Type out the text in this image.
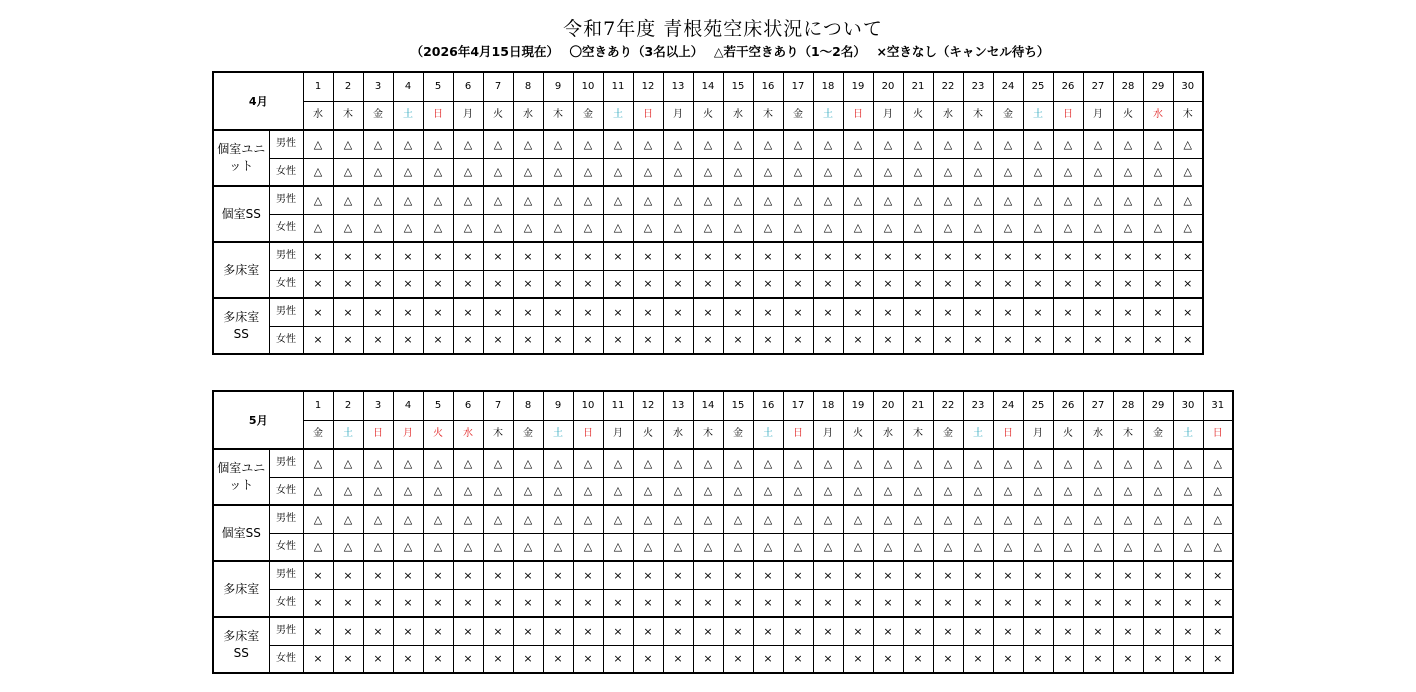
令和7年度 青根苑空床状況について
（2026年4月15日現在）　 〇空きあり（3名以上）　 △若干空きあり（1～2名）　 ×空きなし（キャンセル待ち）
4月		1	2	3	4	5	6	7	8	9	10	11	12	13	14	15	16	17	18	19	20	21	22	23	24	25	26	27	28	29	30
		水	木	金	土	日	月	火	水	木	金	土	日	月	火	水	木	金	土	日	月	火	水	木	金	土	日	月	火	水	木
個室ユニット	男性	△	△	△	△	△	△	△	△	△	△	△	△	△	△	△	△	△	△	△	△	△	△	△	△	△	△	△	△	△	△
	女性	△	△	△	△	△	△	△	△	△	△	△	△	△	△	△	△	△	△	△	△	△	△	△	△	△	△	△	△	△	△
個室SS	男性	△	△	△	△	△	△	△	△	△	△	△	△	△	△	△	△	△	△	△	△	△	△	△	△	△	△	△	△	△	△
	女性	△	△	△	△	△	△	△	△	△	△	△	△	△	△	△	△	△	△	△	△	△	△	△	△	△	△	△	△	△	△
多床室	男性	×	×	×	×	×	×	×	×	×	×	×	×	×	×	×	×	×	×	×	×	×	×	×	×	×	×	×	×	×	×
	女性	×	×	×	×	×	×	×	×	×	×	×	×	×	×	×	×	×	×	×	×	×	×	×	×	×	×	×	×	×	×
多床室SS	男性	×	×	×	×	×	×	×	×	×	×	×	×	×	×	×	×	×	×	×	×	×	×	×	×	×	×	×	×	×	×
	女性	×	×	×	×	×	×	×	×	×	×	×	×	×	×	×	×	×	×	×	×	×	×	×	×	×	×	×	×	×	×
5月		1	2	3	4	5	6	7	8	9	10	11	12	13	14	15	16	17	18	19	20	21	22	23	24	25	26	27	28	29	30	31
		金	土	日	月	火	水	木	金	土	日	月	火	水	木	金	土	日	月	火	水	木	金	土	日	月	火	水	木	金	土	日
個室ユニット	男性	△	△	△	△	△	△	△	△	△	△	△	△	△	△	△	△	△	△	△	△	△	△	△	△	△	△	△	△	△	△	△
	女性	△	△	△	△	△	△	△	△	△	△	△	△	△	△	△	△	△	△	△	△	△	△	△	△	△	△	△	△	△	△	△
個室SS	男性	△	△	△	△	△	△	△	△	△	△	△	△	△	△	△	△	△	△	△	△	△	△	△	△	△	△	△	△	△	△	△
	女性	△	△	△	△	△	△	△	△	△	△	△	△	△	△	△	△	△	△	△	△	△	△	△	△	△	△	△	△	△	△	△
多床室	男性	×	×	×	×	×	×	×	×	×	×	×	×	×	×	×	×	×	×	×	×	×	×	×	×	×	×	×	×	×	×	×
	女性	×	×	×	×	×	×	×	×	×	×	×	×	×	×	×	×	×	×	×	×	×	×	×	×	×	×	×	×	×	×	×
多床室SS	男性	×	×	×	×	×	×	×	×	×	×	×	×	×	×	×	×	×	×	×	×	×	×	×	×	×	×	×	×	×	×	×
	女性	×	×	×	×	×	×	×	×	×	×	×	×	×	×	×	×	×	×	×	×	×	×	×	×	×	×	×	×	×	×	×
